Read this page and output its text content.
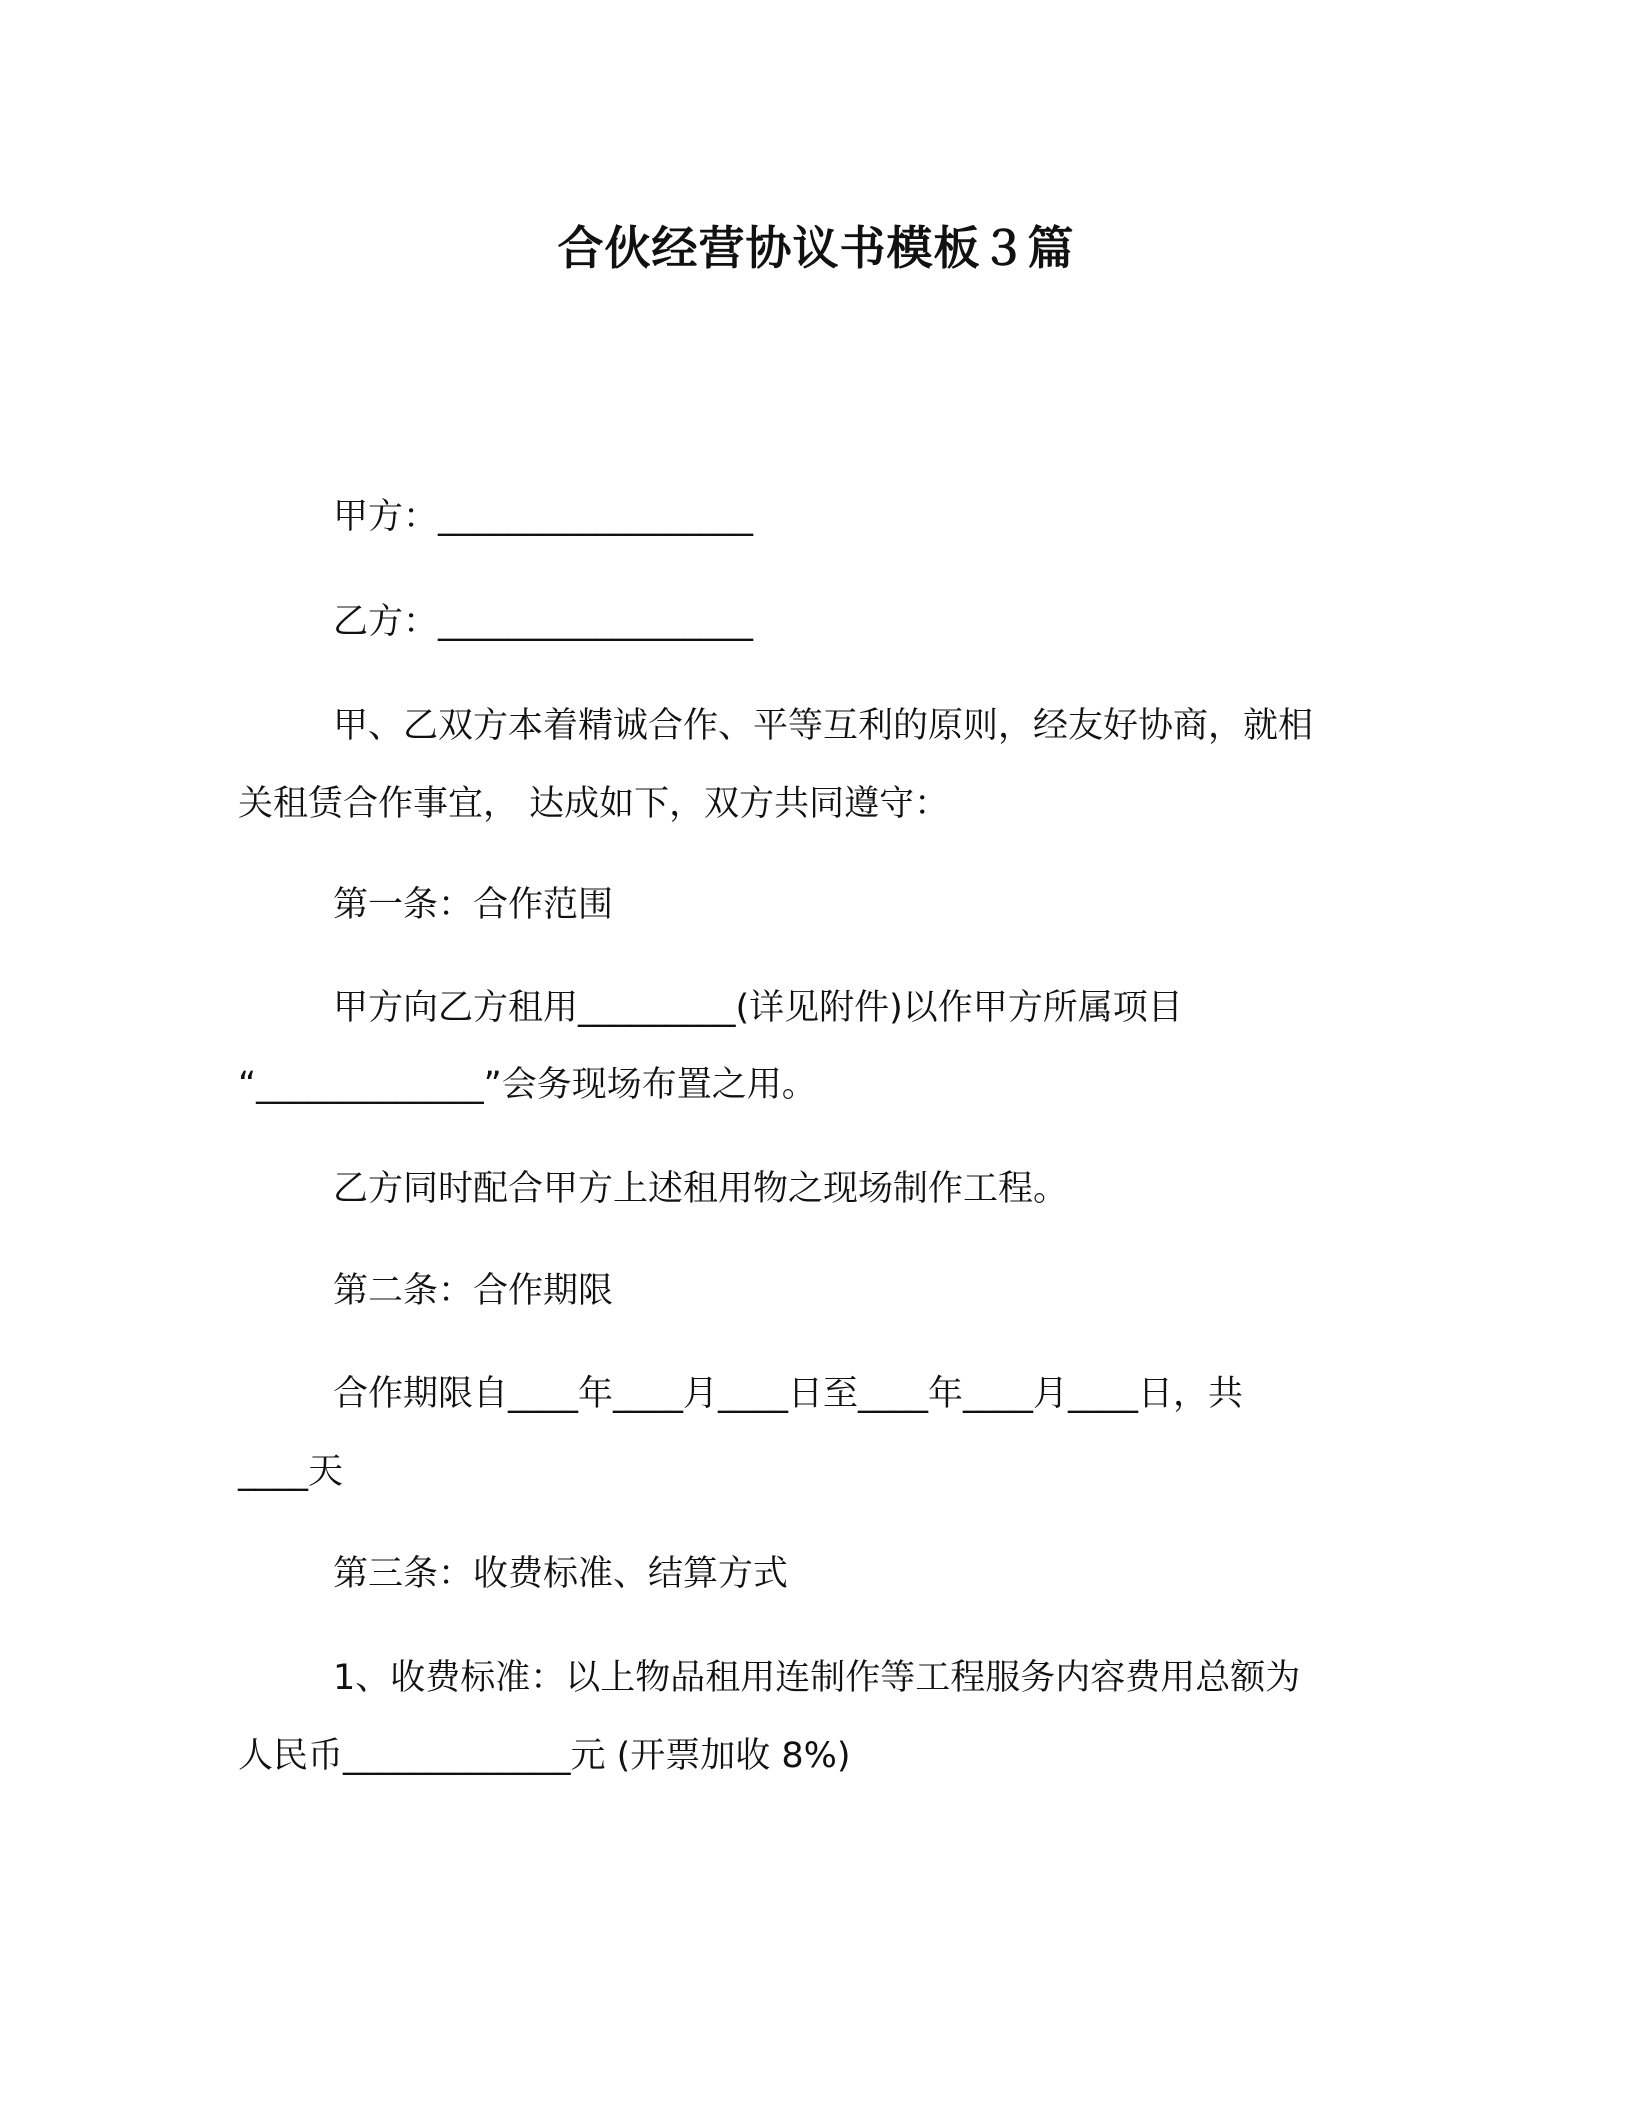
合伙经营协议书模板３篇
甲方：__________________
乙方：__________________
甲、乙双方本着精诚合作、平等互利的原则，经友好协商，就相
关租赁合作事宜， 达成如下，双方共同遵守：
第一条：合作范围
甲方向乙方租用_________(详见附件)以作甲方所属项目
“_____________”会务现场布置之用。
乙方同时配合甲方上述租用物之现场制作工程。
第二条：合作期限
合作期限自____年____月____日至____年____月____日，共
____天
第三条：收费标准、结算方式
1、收费标准：以上物品租用连制作等工程服务内容费用总额为
人民币_____________元 (开票加收 8%)
